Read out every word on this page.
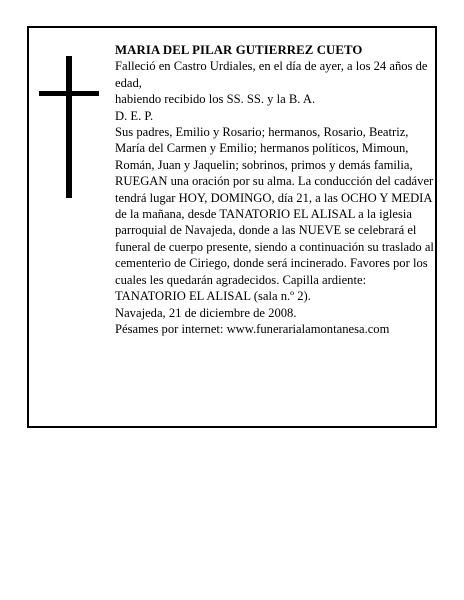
MARIA DEL PILAR GUTIERREZ CUETO

Falleció en Castro Urdiales, en el día de ayer, a los 24 años de edad,

habiendo recibido los SS. SS. y la B. A.

D. E. P.

Sus padres, Emilio y Rosario; hermanos, Rosario, Beatriz, María del Carmen y Emilio; hermanos políticos, Mimoun, Román, Juan y Jaquelin; sobrinos, primos y demás familia,

RUEGAN una oración por su alma. La conducción del cadáver tendrá lugar HOY, DOMINGO, día 21, a las OCHO Y MEDIA de la mañana, desde TANATORIO EL ALISAL a la iglesia parroquial de Navajeda, donde a las NUEVE se celebrará el funeral de cuerpo presente, siendo a continuación su traslado al cementerio de Ciriego, donde será incinerado. Favores por los cuales les quedarán agradecidos. Capilla ardiente:

TANATORIO EL ALISAL (sala n.º 2).

Navajeda, 21 de diciembre de 2008.

Pésames por internet: www.funerarialamontanesa.com
